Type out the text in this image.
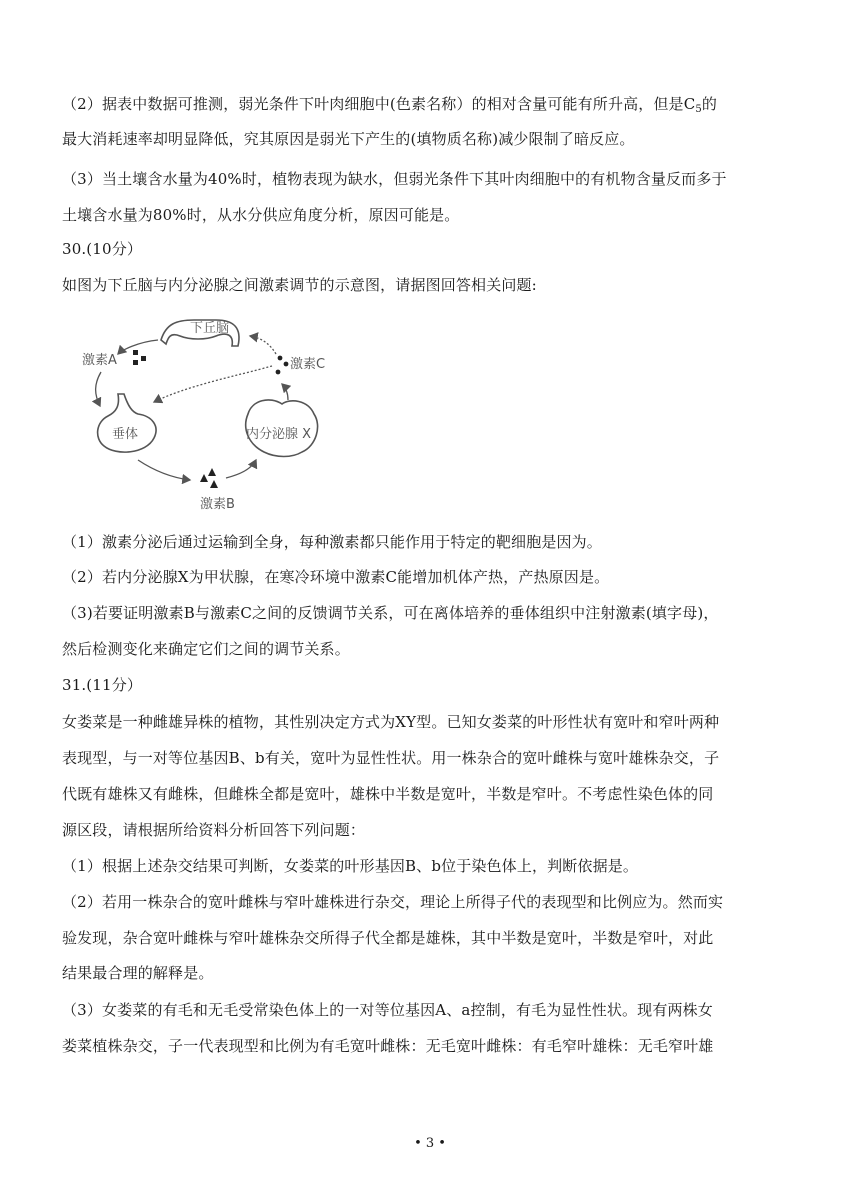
（2）据表中数据可推测，弱光条件下叶肉细胞中(色素名称）的相对含量可能有所升高，但是$C_5$的
最大消耗速率却明显降低，究其原因是弱光下产生的(填物质名称)减少限制了暗反应。
（3）当土壤含水量为40%时，植物表现为缺水，但弱光条件下其叶肉细胞中的有机物含量反而多于
土壤含水量为80%时，从水分供应角度分析，原因可能是。
30.(10分）
如图为下丘脑与内分泌腺之间激素调节的示意图，请据图回答相关问题:
下丘脑
激素A
垂体
激素B
内分泌腺 X
激素C
（1）激素分泌后通过运输到全身，每种激素都只能作用于特定的靶细胞是因为。
（2）若内分泌腺X为甲状腺，在寒冷环境中激素C能增加机体产热，产热原因是。
（3)若要证明激素B与激素C之间的反馈调节关系，可在离体培养的垂体组织中注射激素(填字母)，
然后检测变化来确定它们之间的调节关系。
31.(11分）
女娄菜是一种雌雄异株的植物，其性别决定方式为XY型。已知女娄菜的叶形性状有宽叶和窄叶两种
表现型，与一对等位基因B、b有关，宽叶为显性性状。用一株杂合的宽叶雌株与宽叶雄株杂交，子
代既有雄株又有雌株，但雌株全都是宽叶，雄株中半数是宽叶，半数是窄叶。不考虑性染色体的同
源区段，请根据所给资料分析回答下列问题：
（1）根据上述杂交结果可判断，女娄菜的叶形基因B、b位于染色体上，判断依据是。
（2）若用一株杂合的宽叶雌株与窄叶雄株进行杂交，理论上所得子代的表现型和比例应为。然而实
验发现，杂合宽叶雌株与窄叶雄株杂交所得子代全都是雄株，其中半数是宽叶，半数是窄叶，对此
结果最合理的解释是。
（3）女娄菜的有毛和无毛受常染色体上的一对等位基因A、a控制，有毛为显性性状。现有两株女
娄菜植株杂交，子一代表现型和比例为有毛宽叶雌株：无毛宽叶雌株：有毛窄叶雄株：无毛窄叶雄
• 3 •
